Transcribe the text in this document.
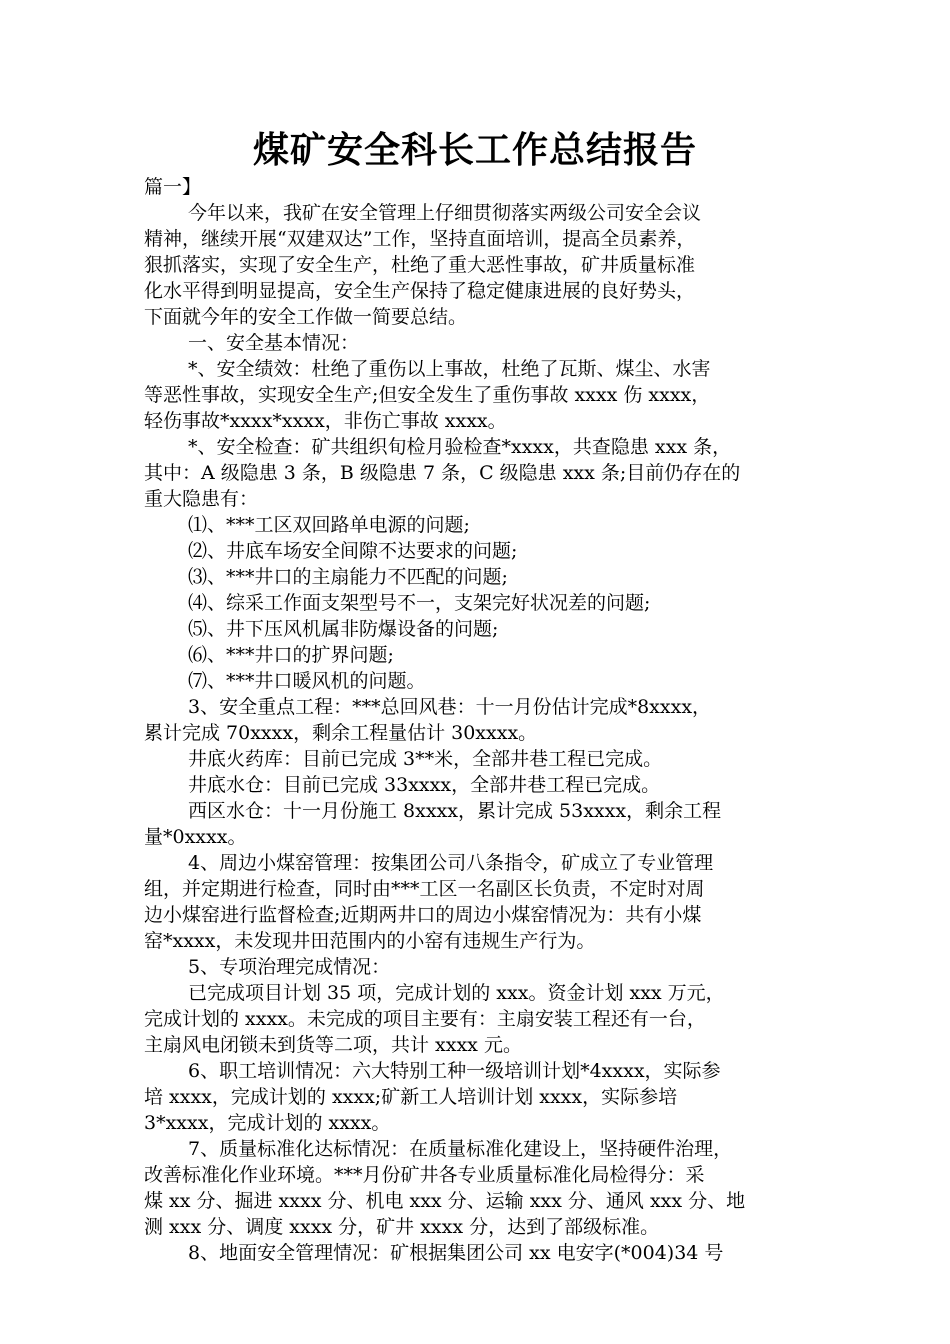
煤矿安全科长工作总结报告
篇一】
今年以来，我矿在安全管理上仔细贯彻落实两级公司安全会议
精神，继续开展“双建双达”工作，坚持直面培训，提高全员素养，
狠抓落实，实现了安全生产，杜绝了重大恶性事故，矿井质量标准
化水平得到明显提高，安全生产保持了稳定健康进展的良好势头，
下面就今年的安全工作做一简要总结。
一、安全基本情况：
*、安全绩效：杜绝了重伤以上事故，杜绝了瓦斯、煤尘、水害
等恶性事故，实现安全生产;但安全发生了重伤事故 xxxx 伤 xxxx，
轻伤事故*xxxx*xxxx，非伤亡事故 xxxx。
*、安全检查：矿共组织旬检月验检查*xxxx，共查隐患 xxx 条，
其中：A 级隐患 3 条，B 级隐患 7 条，C 级隐患 xxx 条;目前仍存在的
重大隐患有：
⑴、***工区双回路单电源的问题;
⑵、井底车场安全间隙不达要求的问题;
⑶、***井口的主扇能力不匹配的问题;
⑷、综采工作面支架型号不一，支架完好状况差的问题;
⑸、井下压风机属非防爆设备的问题;
⑹、***井口的扩界问题;
⑺、***井口暖风机的问题。
3、安全重点工程：***总回风巷：十一月份估计完成*8xxxx，
累计完成 70xxxx，剩余工程量估计 30xxxx。
井底火药库：目前已完成 3**米，全部井巷工程已完成。
井底水仓：目前已完成 33xxxx，全部井巷工程已完成。
西区水仓：十一月份施工 8xxxx，累计完成 53xxxx，剩余工程
量*0xxxx。
4、周边小煤窑管理：按集团公司八条指令，矿成立了专业管理
组，并定期进行检查，同时由***工区一名副区长负责，不定时对周
边小煤窑进行监督检查;近期两井口的周边小煤窑情况为：共有小煤
窑*xxxx，未发现井田范围内的小窑有违规生产行为。
5、专项治理完成情况：
已完成项目计划 35 项，完成计划的 xxx。资金计划 xxx 万元，
完成计划的 xxxx。未完成的项目主要有：主扇安装工程还有一台，
主扇风电闭锁未到货等二项，共计 xxxx 元。
6、职工培训情况：六大特别工种一级培训计划*4xxxx，实际参
培 xxxx，完成计划的 xxxx;矿新工人培训计划 xxxx，实际参培
3*xxxx，完成计划的 xxxx。
7、质量标准化达标情况：在质量标准化建设上，坚持硬件治理，
改善标准化作业环境。***月份矿井各专业质量标准化局检得分：采
煤 xx 分、掘进 xxxx 分、机电 xxx 分、运输 xxx 分、通风 xxx 分、地
测 xxx 分、调度 xxxx 分，矿井 xxxx 分，达到了部级标准。
8、地面安全管理情况：矿根据集团公司 xx 电安字(*004)34 号
